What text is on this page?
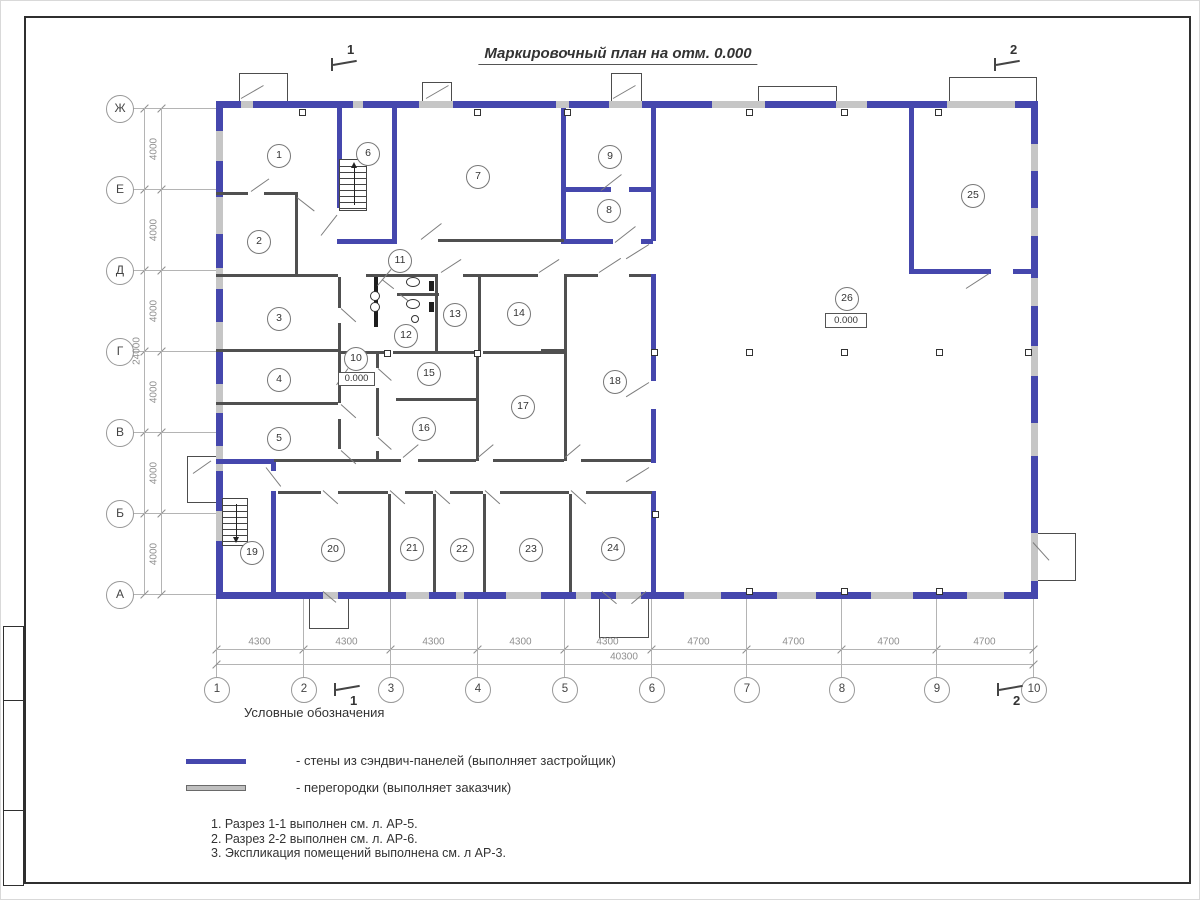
Маркировочный план на отм. 0.000
1
2
3
4
5
6
7
8
9
10
11
12
13	14
15
16
17
18
19	20	21	22	23	24
25
26
0.000
0.000
Ж
Е
Д
Г
В
Б
А
4000
4000
4000
4000
4000
4000
24000
1	2	3	4	5	6	7	8	9	10
4300	4300	4300	4300	4300	4700	4700	4700	4700
40300
1	2
1	2
Условные обозначения
- стены из сэндвич-панелей (выполняет застройщик)
- перегородки (выполняет заказчик)
1. Разрез 1-1 выполнен см. л. АР-5.
2. Разрез 2-2 выполнен см. л. АР-6.
3. Экспликация помещений выполнена см. л АР-3.
